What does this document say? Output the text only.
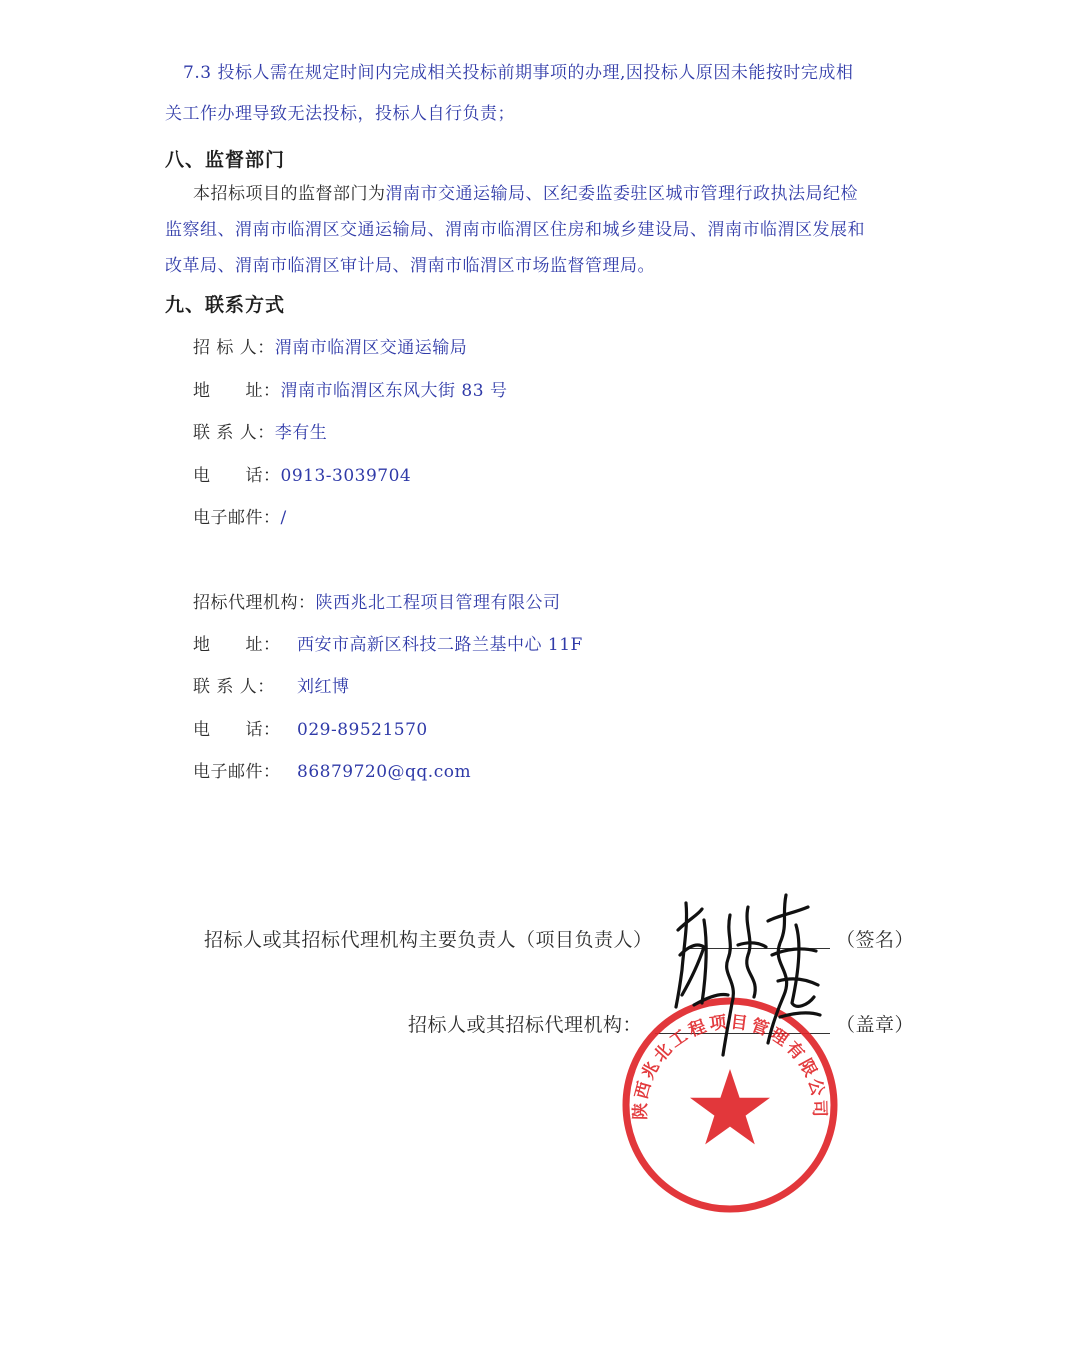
7.3 投标人需在规定时间内完成相关投标前期事项的办理,因投标人原因未能按时完成相
关工作办理导致无法投标，投标人自行负责；
八、监督部门
本招标项目的监督部门为渭南市交通运输局、区纪委监委驻区城市管理行政执法局纪检
监察组、渭南市临渭区交通运输局、渭南市临渭区住房和城乡建设局、渭南市临渭区发展和
改革局、渭南市临渭区审计局、渭南市临渭区市场监督管理局。
九、联系方式
招 标 人：渭南市临渭区交通运输局
地　　址：渭南市临渭区东风大街 83 号
联 系 人：李有生
电　　话：0913-3039704
电子邮件：/
招标代理机构：陕西兆北工程项目管理有限公司
地　　址： 西安市高新区科技二路兰基中心 11F
联 系 人： 刘红博
电　　话： 029-89521570
电子邮件： 86879720@qq.com
招标人或其招标代理机构主要负责人（项目负责人）	（签名）
招标人或其招标代理机构：	（盖章）
陕西兆北工程项目管理有限公司
